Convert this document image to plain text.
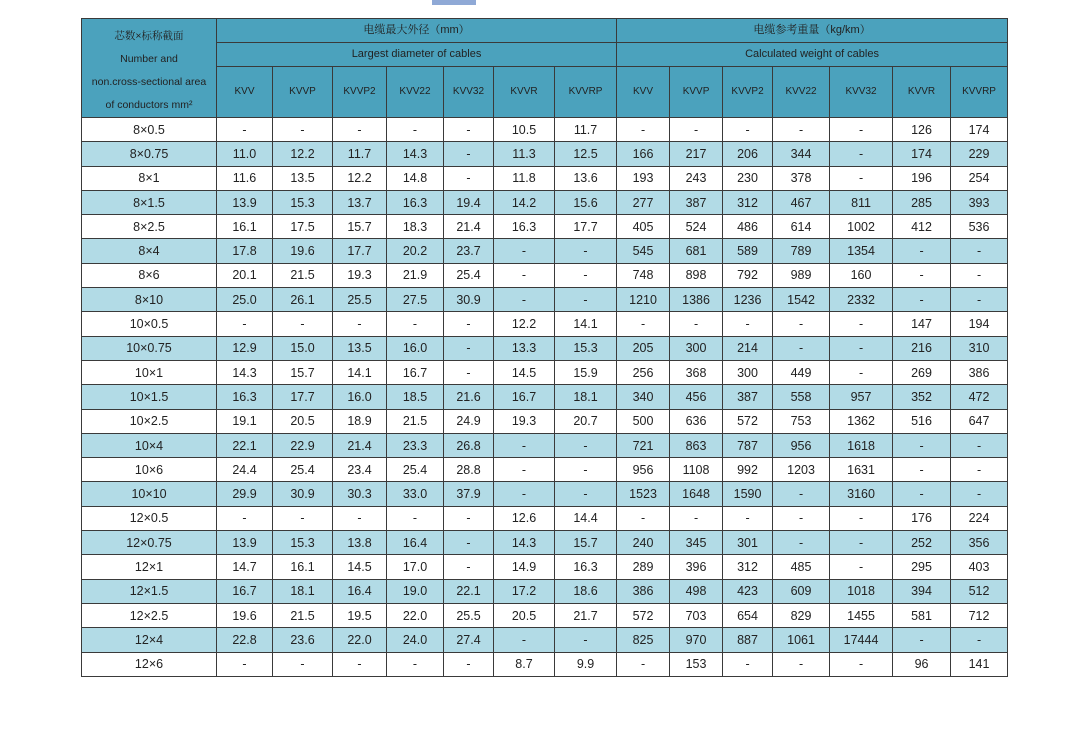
芯数×标称截面
Number and
non.cross-sectional area
of conductors mm²	电缆最大外径（mm）							电缆参考重量（kg/km）						
	Largest diameter of cables							Calculated weight of cables						
	KVV	KVVP	KVVP2	KVV22	KVV32	KVVR	KVVRP	KVV	KVVP	KVVP2	KVV22	KVV32	KVVR	KVVRP

8×0.5	-	-	-	-	-	10.5	11.7	-	-	-	-	-	126	174
8×0.75	11.0	12.2	11.7	14.3	-	11.3	12.5	166	217	206	344	-	174	229
8×1	11.6	13.5	12.2	14.8	-	11.8	13.6	193	243	230	378	-	196	254
8×1.5	13.9	15.3	13.7	16.3	19.4	14.2	15.6	277	387	312	467	811	285	393
8×2.5	16.1	17.5	15.7	18.3	21.4	16.3	17.7	405	524	486	614	1002	412	536
8×4	17.8	19.6	17.7	20.2	23.7	-	-	545	681	589	789	1354	-	-
8×6	20.1	21.5	19.3	21.9	25.4	-	-	748	898	792	989	160	-	-
8×10	25.0	26.1	25.5	27.5	30.9	-	-	1210	1386	1236	1542	2332	-	-
10×0.5	-	-	-	-	-	12.2	14.1	-	-	-	-	-	147	194
10×0.75	12.9	15.0	13.5	16.0	-	13.3	15.3	205	300	214	-	-	216	310
10×1	14.3	15.7	14.1	16.7	-	14.5	15.9	256	368	300	449	-	269	386
10×1.5	16.3	17.7	16.0	18.5	21.6	16.7	18.1	340	456	387	558	957	352	472
10×2.5	19.1	20.5	18.9	21.5	24.9	19.3	20.7	500	636	572	753	1362	516	647
10×4	22.1	22.9	21.4	23.3	26.8	-	-	721	863	787	956	1618	-	-
10×6	24.4	25.4	23.4	25.4	28.8	-	-	956	1108	992	1203	1631	-	-
10×10	29.9	30.9	30.3	33.0	37.9	-	-	1523	1648	1590	-	3160	-	-
12×0.5	-	-	-	-	-	12.6	14.4	-	-	-	-	-	176	224
12×0.75	13.9	15.3	13.8	16.4	-	14.3	15.7	240	345	301	-	-	252	356
12×1	14.7	16.1	14.5	17.0	-	14.9	16.3	289	396	312	485	-	295	403
12×1.5	16.7	18.1	16.4	19.0	22.1	17.2	18.6	386	498	423	609	1018	394	512
12×2.5	19.6	21.5	19.5	22.0	25.5	20.5	21.7	572	703	654	829	1455	581	712
12×4	22.8	23.6	22.0	24.0	27.4	-	-	825	970	887	1061	17444	-	-
12×6	-	-	-	-	-	8.7	9.9	-	153	-	-	-	96	141
